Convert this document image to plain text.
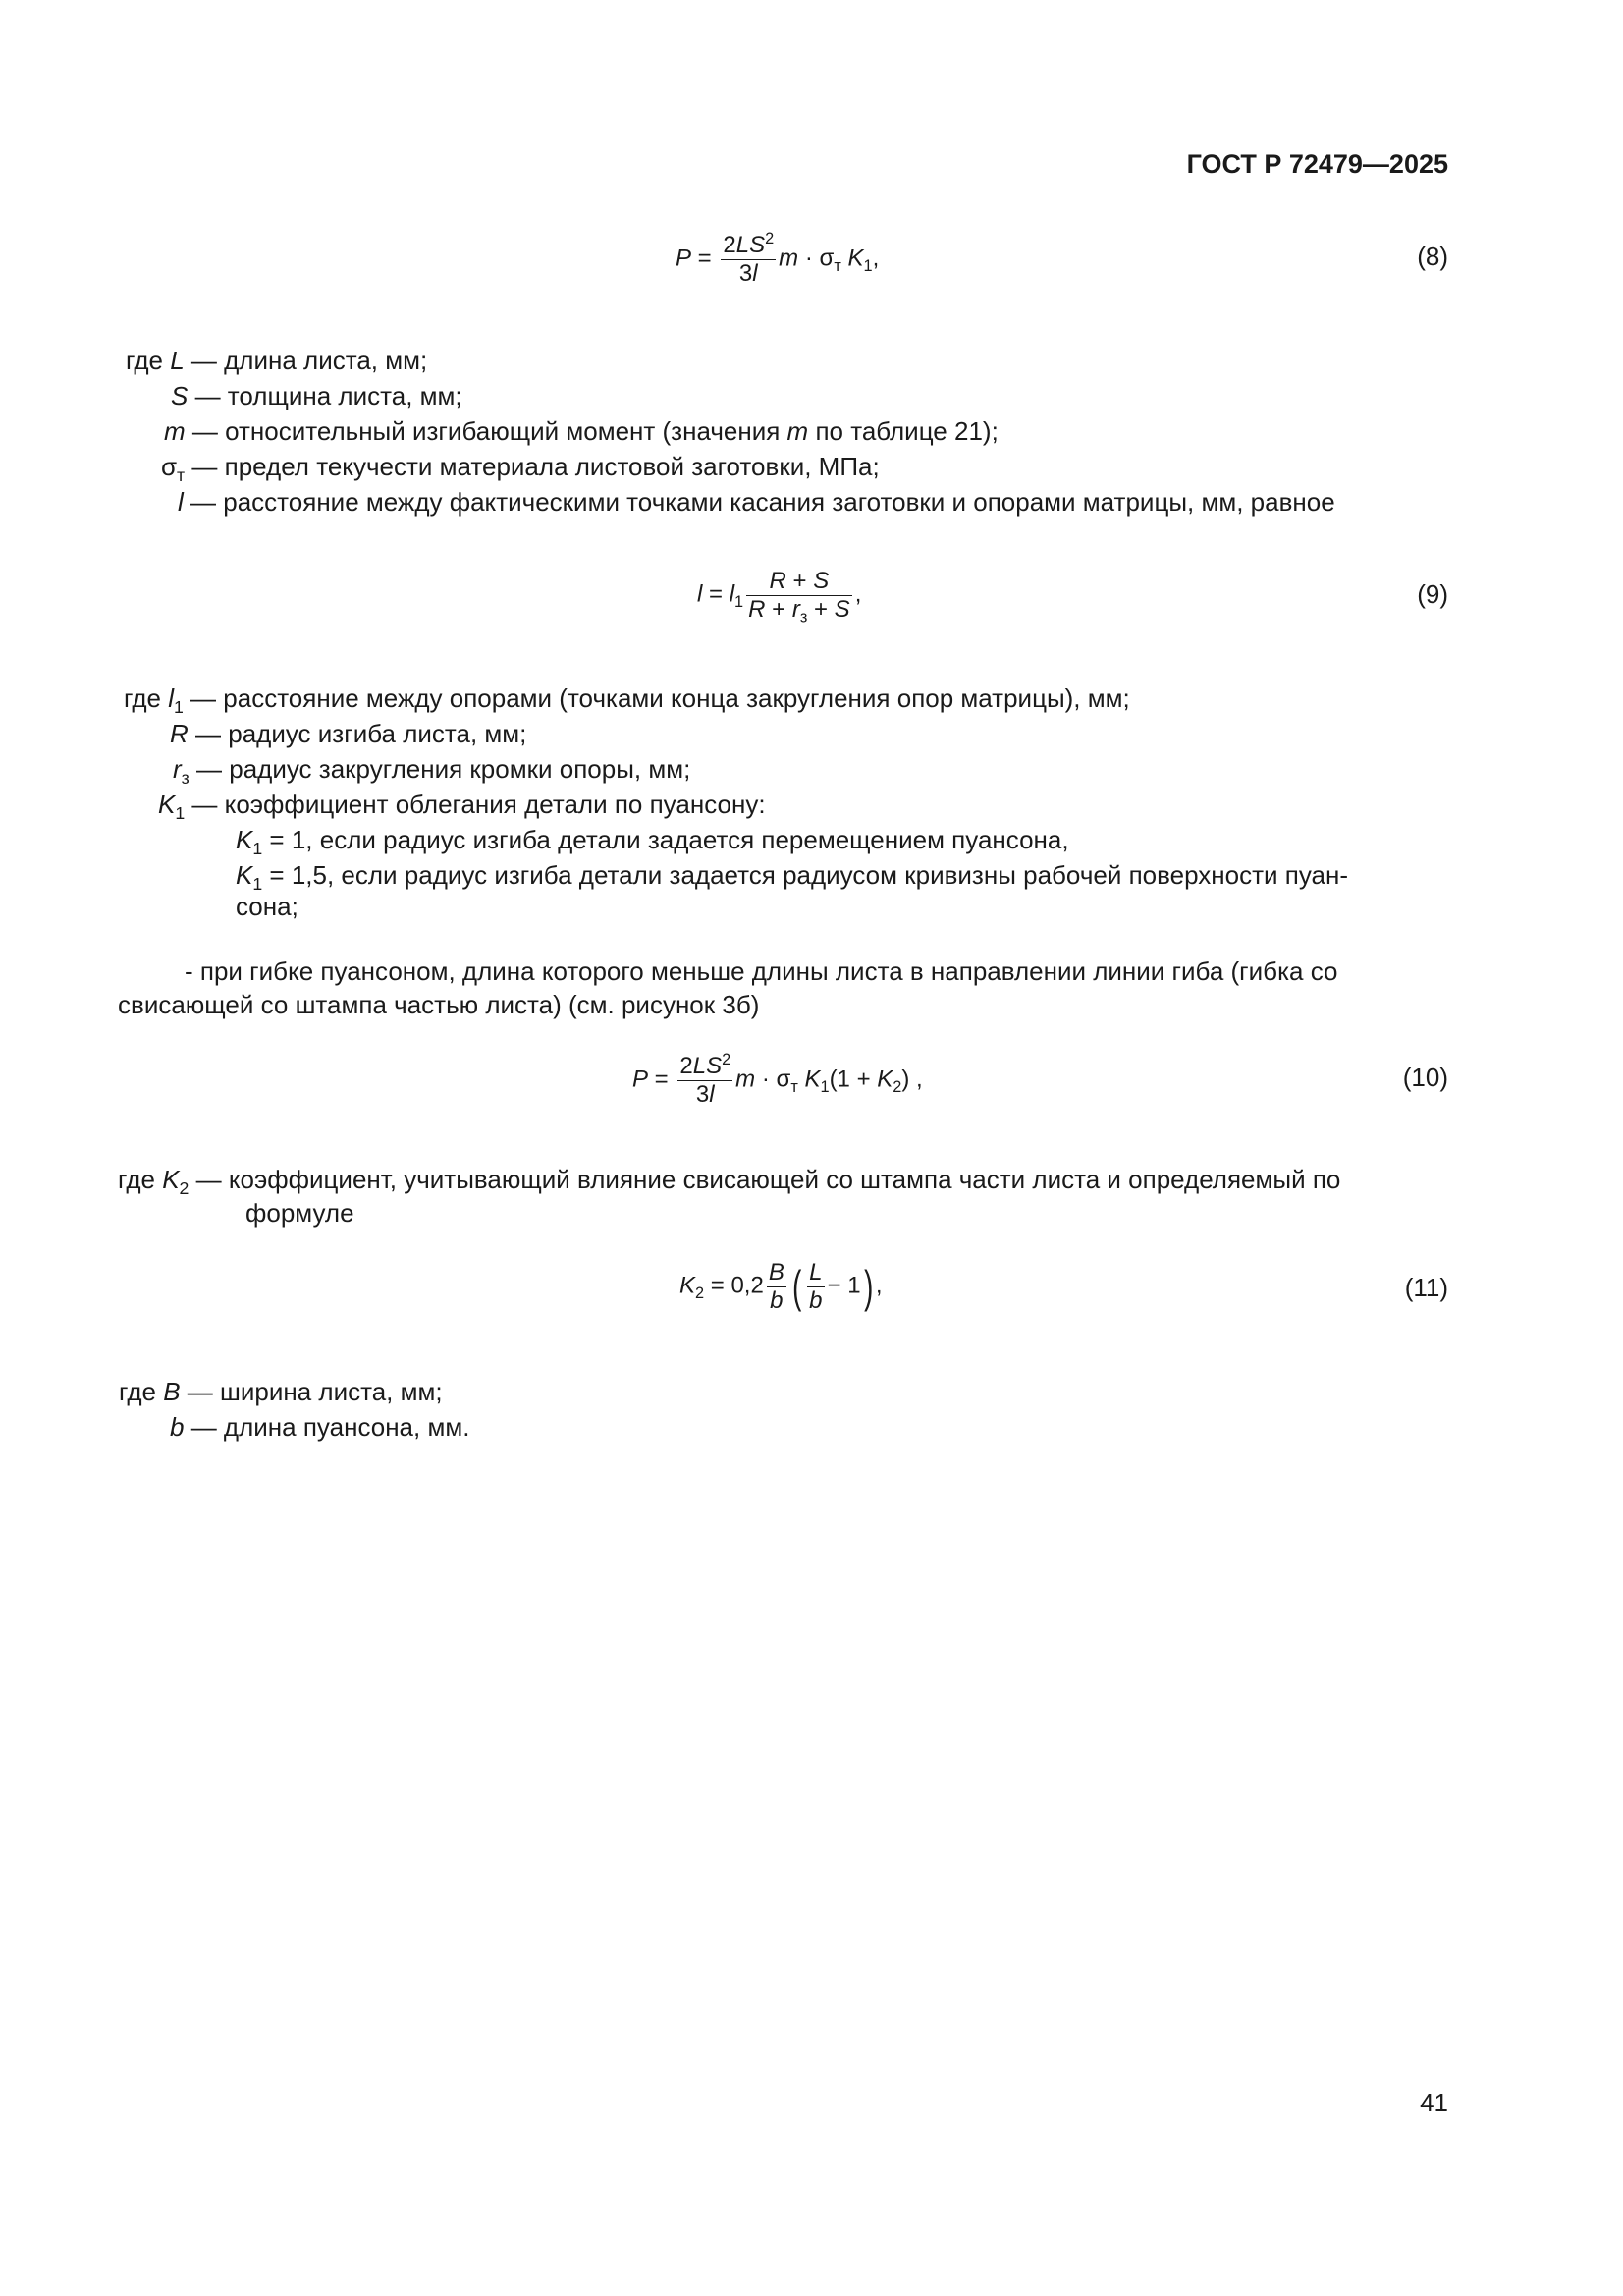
ГОСТ Р 72479—2025
$P = \frac{2LS^2}{3l}$ $m \cdot \sigma_т$ $K_1$,	(8)
где L — длина листа, мм;
S — толщина листа, мм;
m — относительный изгибающий момент (значения m по таблице 21);
$\sigma_т$ — предел текучести материала листовой заготовки, МПа;
l — расстояние между фактическими точками касания заготовки и опорами матрицы, мм, равное
$l = l_1 \frac{R + S}{R + r_з + S}$ ,	(9)
где $l_1$ — расстояние между опорами (точками конца закругления опор матрицы), мм;
R — радиус изгиба листа, мм;
$r_з$ — радиус закругления кромки опоры, мм;
$K_1$ — коэффициент облегания детали по пуансону:
$K_1 = 1$, если радиус изгиба детали задается перемещением пуансона,
$K_1 = 1,5$, если радиус изгиба детали задается радиусом кривизны рабочей поверхности пуан-
сона;
- при гибке пуансоном, длина которого меньше длины листа в направлении линии гиба (гибка со
свисающей со штампа частью листа) (см. рисунок 3б)
$P = \frac{2LS^2}{3l}$ $m \cdot \sigma_т$ $K_1(1 + K_2)$ ,	(10)
где $K_2$ — коэффициент, учитывающий влияние свисающей со штампа части листа и определяемый по
формуле
$K_2 = 0,2 \frac{B}{b}$ ( $\frac{L}{b} - 1$) ,	(11)
где B — ширина листа, мм;
b — длина пуансона, мм.
41
